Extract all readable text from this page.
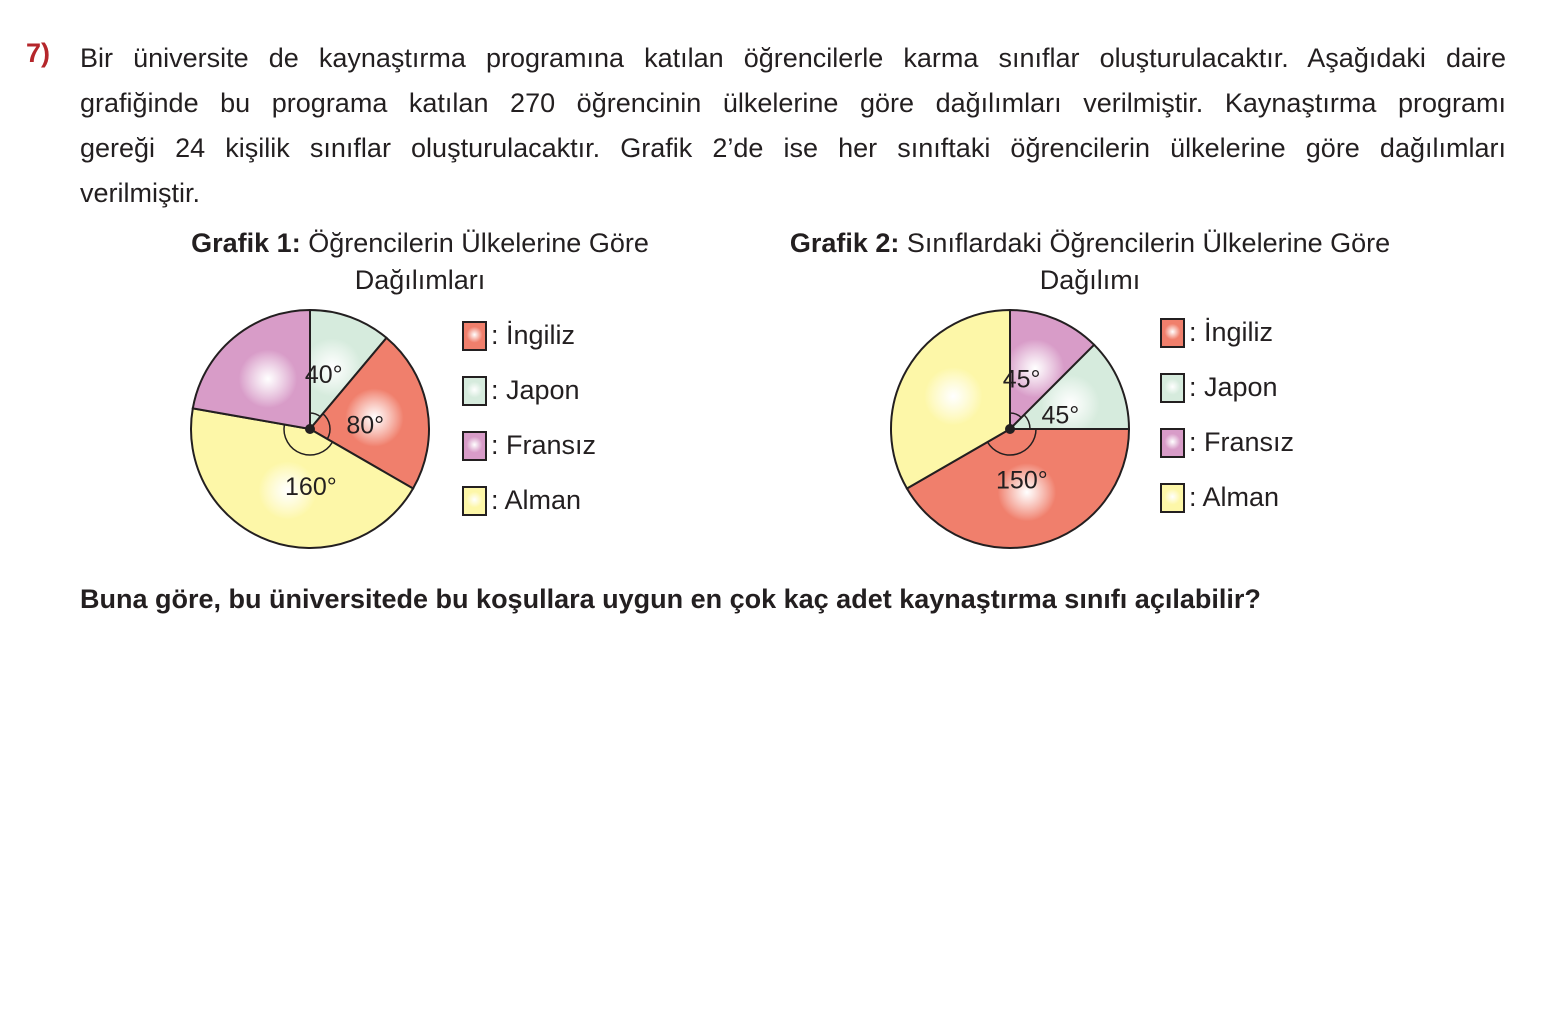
7) Bir üniversite de kaynaştırma programına katılan öğrencilerle karma sınıflar oluşturulacaktır. Aşağıdaki daire
grafiğinde bu programa katılan 270 öğrencinin ülkelerine göre dağılımları verilmiştir. Kaynaştırma programı
gereği 24 kişilik sınıflar oluşturulacaktır. Grafik 2’de ise her sınıftaki öğrencilerin ülkelerine göre dağılımları
verilmiştir.
Grafik 1: Öğrencilerin Ülkelerine Göre
Dağılımları
40°
80°
160°
: İngiliz
: Japon
: Fransız
: Alman
Grafik 2: Sınıflardaki Öğrencilerin Ülkelerine Göre
Dağılımı
45°
45°
150°
: İngiliz
: Japon
: Fransız
: Alman
Buna göre, bu üniversitede bu koşullara uygun en çok kaç adet kaynaştırma sınıfı açılabilir?
